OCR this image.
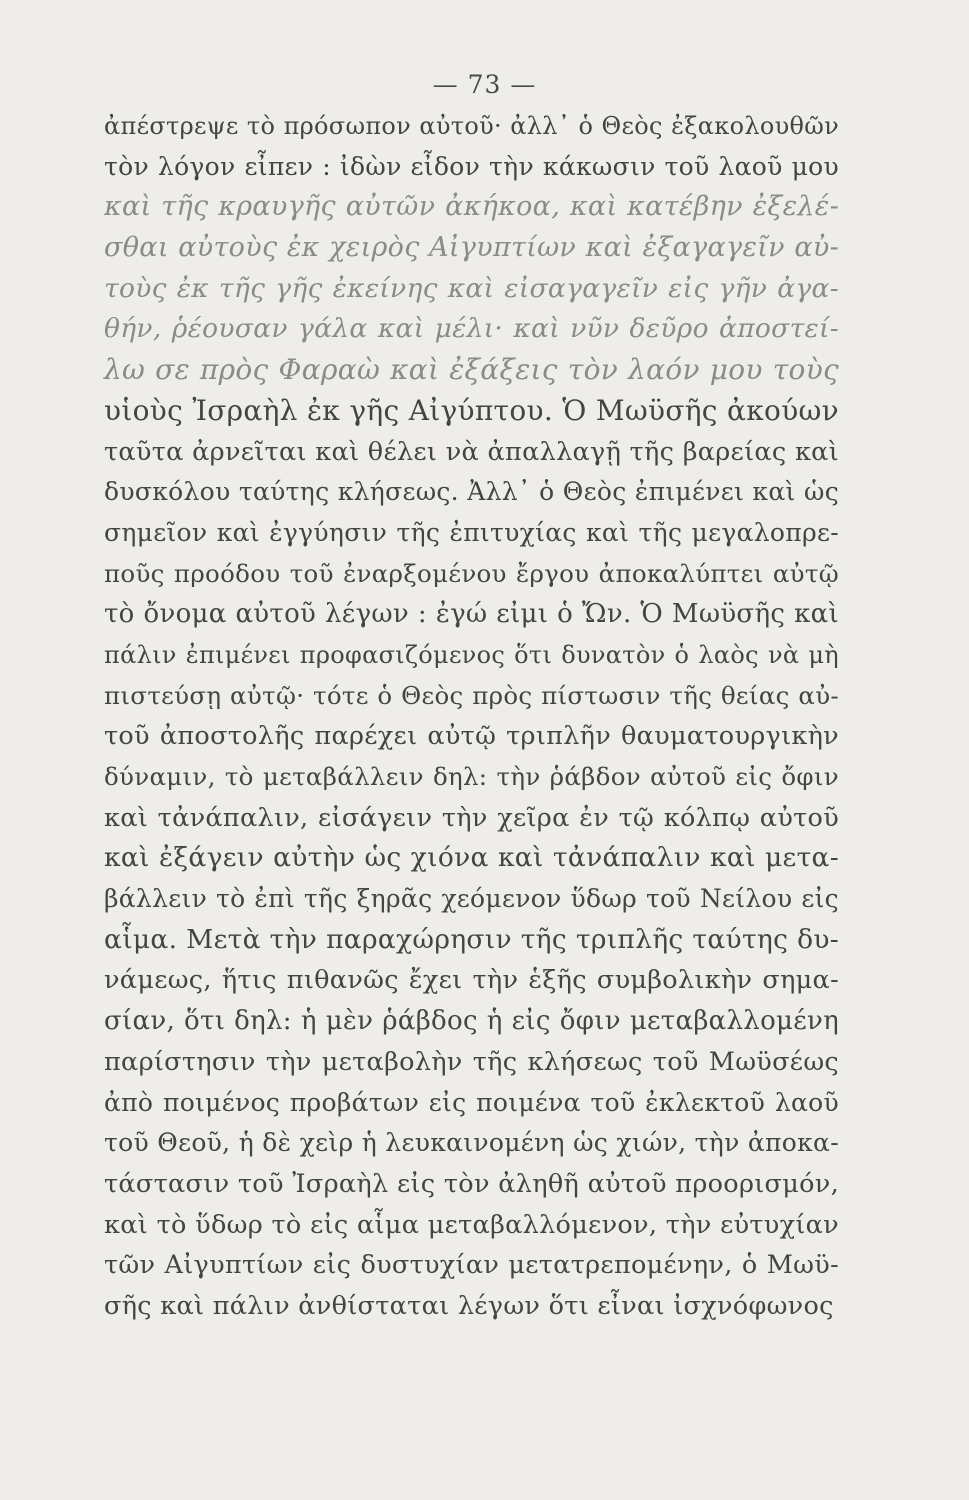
— 73 —
ἀπέστρεψε τὸ πρόσωπον αὐτοῦ· ἀλλ᾽ ὁ Θεὸς ἐξακολουθῶν
τὸν λόγον εἶπεν : ἰδὼν εἶδον τὴν κάκωσιν τοῦ λαοῦ μου
καὶ τῆς κραυγῆς αὐτῶν ἀκήκοα, καὶ κατέβην ἐξελέ-
σθαι αὐτοὺς ἐκ χειρὸς Αἰγυπτίων καὶ ἐξαγαγεῖν αὐ-
τοὺς ἐκ τῆς γῆς ἐκείνης καὶ εἰσαγαγεῖν εἰς γῆν ἀγα-
θήν, ῥέουσαν γάλα καὶ μέλι· καὶ νῦν δεῦρο ἀποστεί-
λω σε πρὸς Φαραὼ καὶ ἐξάξεις τὸν λαόν μου τοὺς
υἱοὺς Ἰσραὴλ ἐκ γῆς Αἰγύπτου. Ὁ Μωϋσῆς ἀκούων
ταῦτα ἀρνεῖται καὶ θέλει νὰ ἀπαλλαγῇ τῆς βαρείας καὶ
δυσκόλου ταύτης κλήσεως. Ἀλλ᾽ ὁ Θεὸς ἐπιμένει καὶ ὡς
σημεῖον καὶ ἐγγύησιν τῆς ἐπιτυχίας καὶ τῆς μεγαλοπρε-
ποῦς προόδου τοῦ ἐναρξομένου ἔργου ἀποκαλύπτει αὐτῷ
τὸ ὄνομα αὐτοῦ λέγων : ἐγώ εἰμι ὁ Ὤν. Ὁ Μωϋσῆς καὶ
πάλιν ἐπιμένει προφασιζόμενος ὅτι δυνατὸν ὁ λαὸς νὰ μὴ
πιστεύσῃ αὐτῷ· τότε ὁ Θεὸς πρὸς πίστωσιν τῆς θείας αὐ-
τοῦ ἀποστολῆς παρέχει αὐτῷ τριπλῆν θαυματουργικὴν
δύναμιν, τὸ μεταβάλλειν δηλ: τὴν ῥάβδον αὐτοῦ εἰς ὄφιν
καὶ τἀνάπαλιν, εἰσάγειν τὴν χεῖρα ἐν τῷ κόλπῳ αὐτοῦ
καὶ ἐξάγειν αὐτὴν ὡς χιόνα καὶ τἀνάπαλιν καὶ μετα-
βάλλειν τὸ ἐπὶ τῆς ξηρᾶς χεόμενον ὕδωρ τοῦ Νείλου εἰς
αἷμα. Μετὰ τὴν παραχώρησιν τῆς τριπλῆς ταύτης δυ-
νάμεως, ἥτις πιθανῶς ἔχει τὴν ἑξῆς συμβολικὴν σημα-
σίαν, ὅτι δηλ: ἡ μὲν ῥάβδος ἡ εἰς ὄφιν μεταβαλλομένη
παρίστησιν τὴν μεταβολὴν τῆς κλήσεως τοῦ Μωϋσέως
ἀπὸ ποιμένος προβάτων εἰς ποιμένα τοῦ ἐκλεκτοῦ λαοῦ
τοῦ Θεοῦ, ἡ δὲ χεὶρ ἡ λευκαινομένη ὡς χιών, τὴν ἀποκα-
τάστασιν τοῦ Ἰσραὴλ εἰς τὸν ἀληθῆ αὐτοῦ προορισμόν,
καὶ τὸ ὕδωρ τὸ εἰς αἷμα μεταβαλλόμενον, τὴν εὐτυχίαν
τῶν Αἰγυπτίων εἰς δυστυχίαν μετατρεπομένην, ὁ Μωϋ-
σῆς καὶ πάλιν ἀνθίσταται λέγων ὅτι εἶναι ἰσχνόφωνος
